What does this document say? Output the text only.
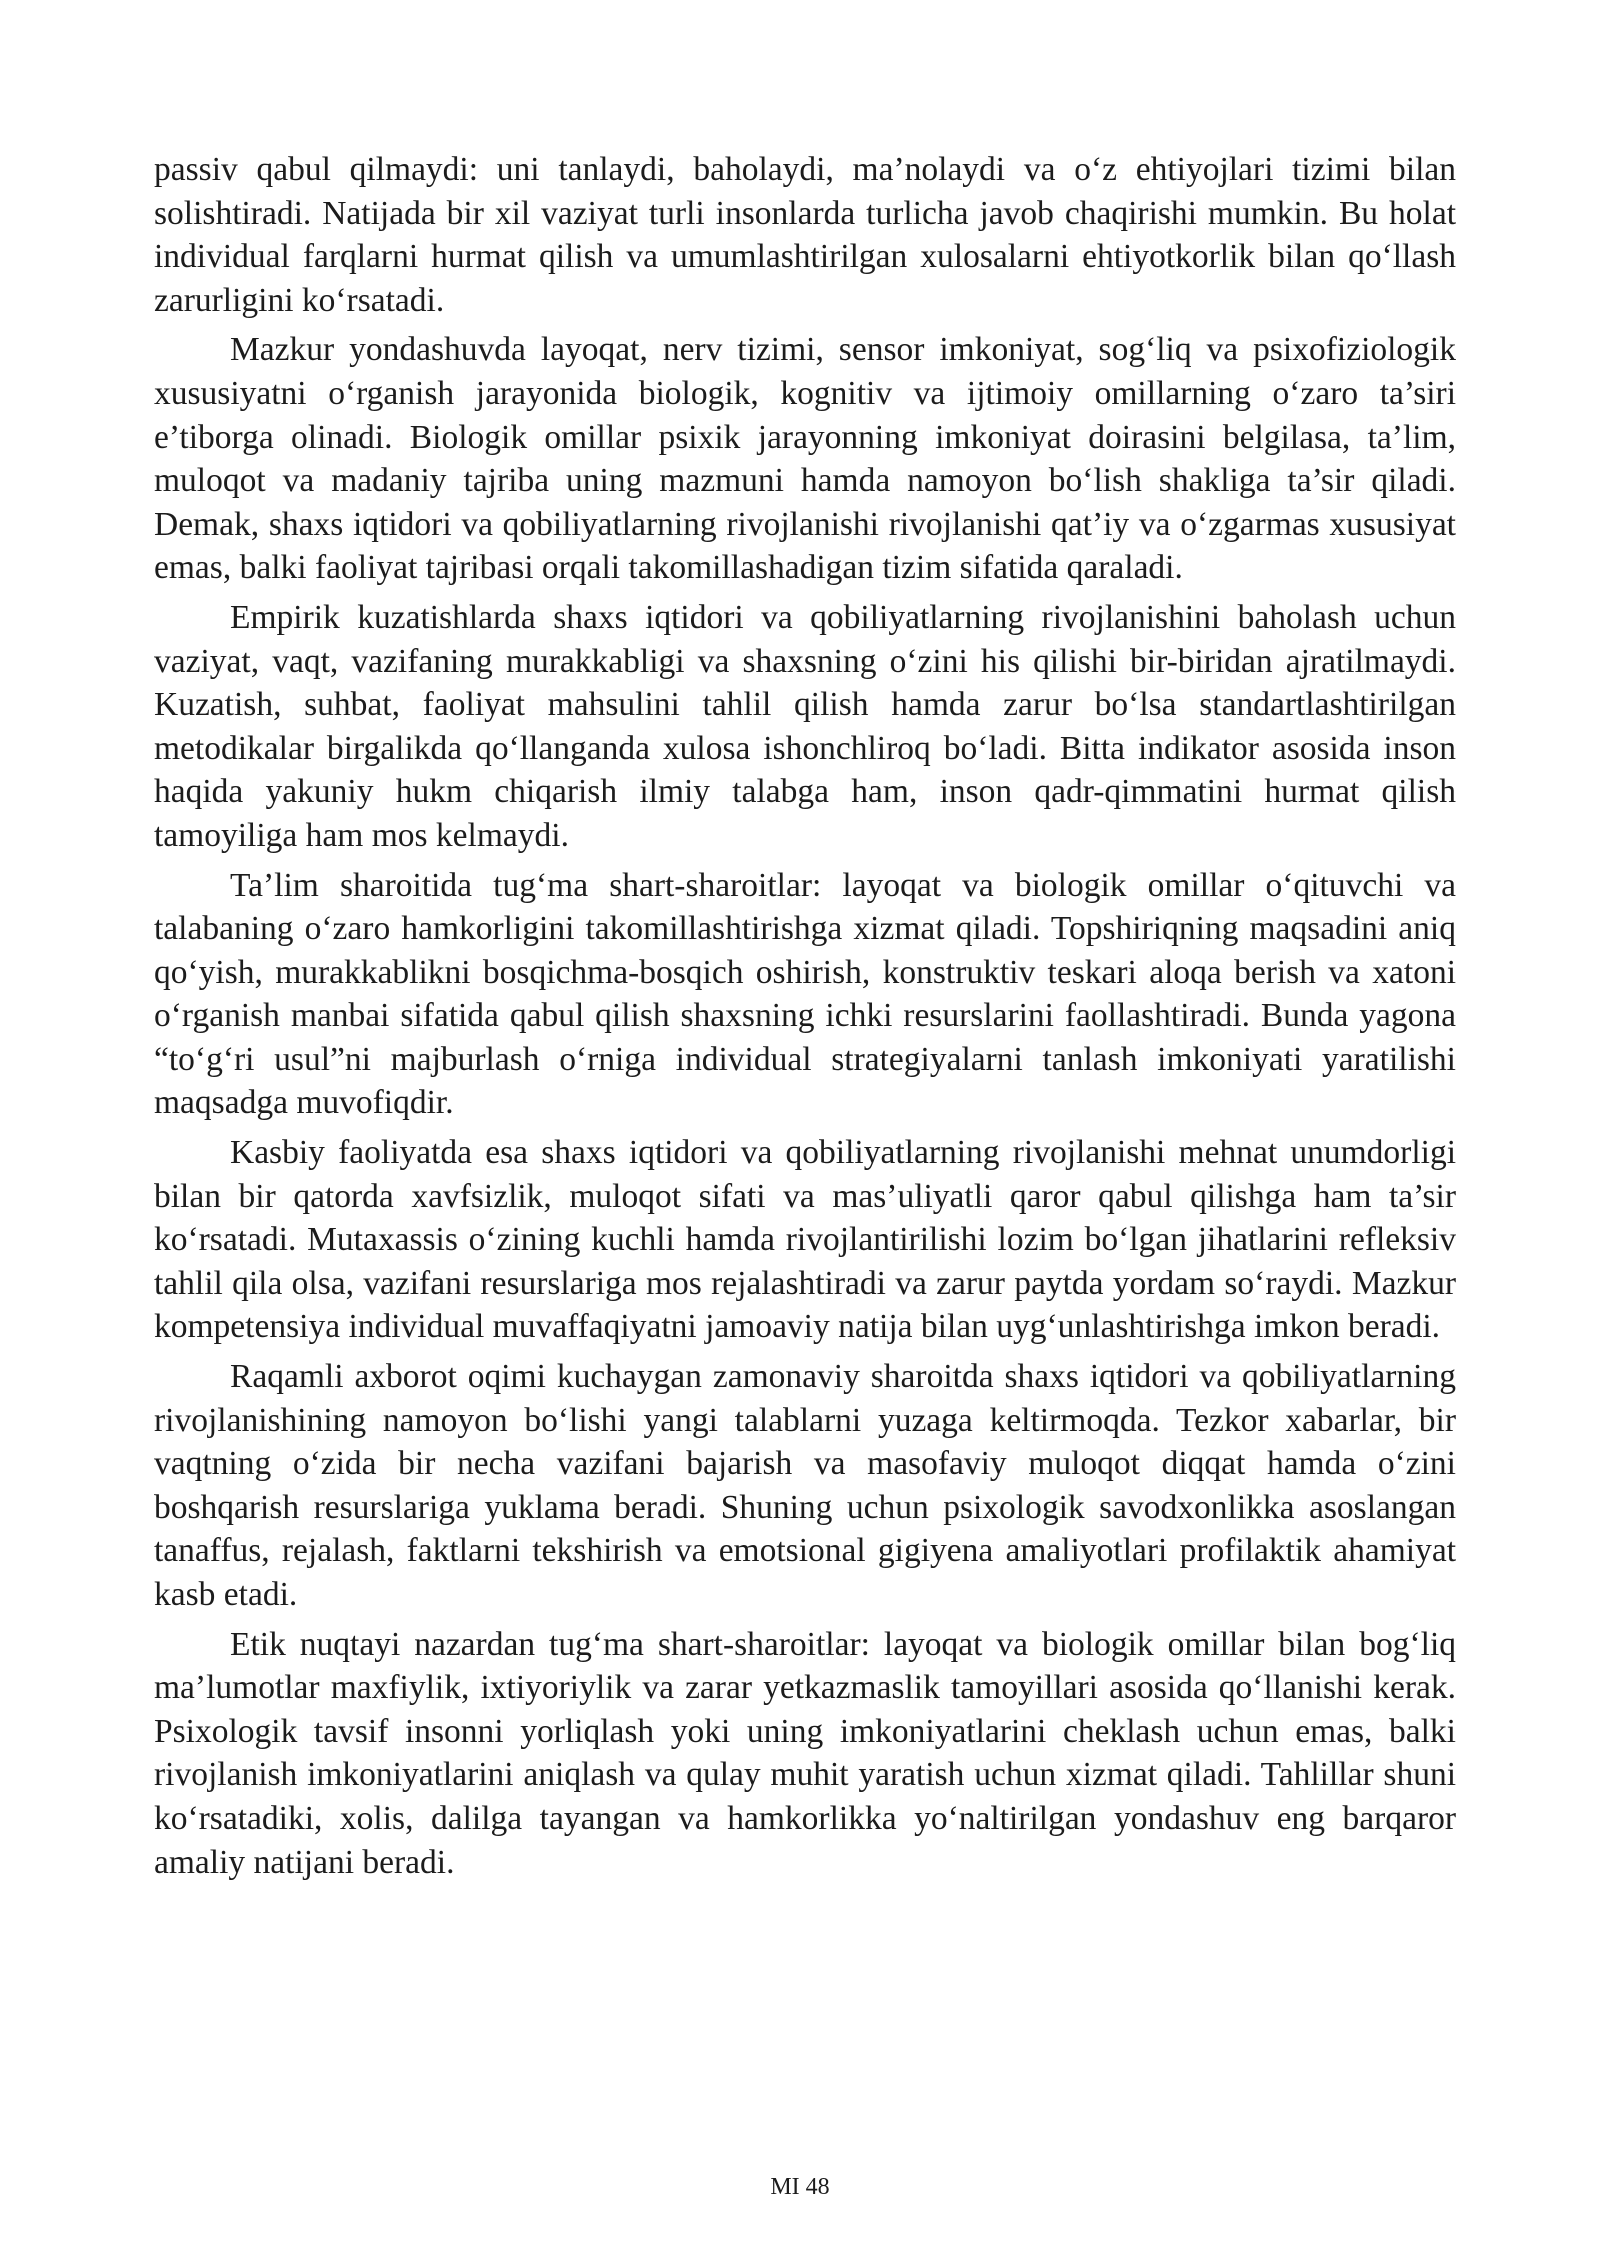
passiv qabul qilmaydi: uni tanlaydi, baholaydi, ma’nolaydi va o‘z ehtiyojlari tizimi bilan solishtiradi. Natijada bir xil vaziyat turli insonlarda turlicha javob chaqirishi mumkin. Bu holat individual farqlarni hurmat qilish va umumlashtirilgan xulosalarni ehtiyotkorlik bilan qo‘llash zarurligini ko‘rsatadi.

Mazkur yondashuvda layoqat, nerv tizimi, sensor imkoniyat, sog‘liq va psixofiziologik xususiyatni o‘rganish jarayonida biologik, kognitiv va ijtimoiy omillarning o‘zaro ta’siri e’tiborga olinadi. Biologik omillar psixik jarayonning imkoniyat doirasini belgilasa, ta’lim, muloqot va madaniy tajriba uning mazmuni hamda namoyon bo‘lish shakliga ta’sir qiladi. Demak, shaxs iqtidori va qobiliyatlarning rivojlanishi rivojlanishi qat’iy va o‘zgarmas xususiyat emas, balki faoliyat tajribasi orqali takomillashadigan tizim sifatida qaraladi.

Empirik kuzatishlarda shaxs iqtidori va qobiliyatlarning rivojlanishini baholash uchun vaziyat, vaqt, vazifaning murakkabligi va shaxsning o‘zini his qilishi bir-biridan ajratilmaydi. Kuzatish, suhbat, faoliyat mahsulini tahlil qilish hamda zarur bo‘lsa standartlashtirilgan metodikalar birgalikda qo‘llanganda xulosa ishonchliroq bo‘ladi. Bitta indikator asosida inson haqida yakuniy hukm chiqarish ilmiy talabga ham, inson qadr-qimmatini hurmat qilish tamoyiliga ham mos kelmaydi.

Ta’lim sharoitida tug‘ma shart-sharoitlar: layoqat va biologik omillar o‘qituvchi va talabaning o‘zaro hamkorligini takomillashtirishga xizmat qiladi. Topshiriqning maqsadini aniq qo‘yish, murakkablikni bosqichma-bosqich oshirish, konstruktiv teskari aloqa berish va xatoni o‘rganish manbai sifatida qabul qilish shaxsning ichki resurslarini faollashtiradi. Bunda yagona “to‘g‘ri usul”ni majburlash o‘rniga individual strategiyalarni tanlash imkoniyati yaratilishi maqsadga muvofiqdir.

Kasbiy faoliyatda esa shaxs iqtidori va qobiliyatlarning rivojlanishi mehnat unumdorligi bilan bir qatorda xavfsizlik, muloqot sifati va mas’uliyatli qaror qabul qilishga ham ta’sir ko‘rsatadi. Mutaxassis o‘zining kuchli hamda rivojlantirilishi lozim bo‘lgan jihatlarini refleksiv tahlil qila olsa, vazifani resurslariga mos rejalashtiradi va zarur paytda yordam so‘raydi. Mazkur kompetensiya individual muvaffaqiyatni jamoaviy natija bilan uyg‘unlashtirishga imkon beradi.

Raqamli axborot oqimi kuchaygan zamonaviy sharoitda shaxs iqtidori va qobiliyatlarning rivojlanishining namoyon bo‘lishi yangi talablarni yuzaga keltirmoqda. Tezkor xabarlar, bir vaqtning o‘zida bir necha vazifani bajarish va masofaviy muloqot diqqat hamda o‘zini boshqarish resurslariga yuklama beradi. Shuning uchun psixologik savodxonlikka asoslangan tanaffus, rejalash, faktlarni tekshirish va emotsional gigiyena amaliyotlari profilaktik ahamiyat kasb etadi.

Etik nuqtayi nazardan tug‘ma shart-sharoitlar: layoqat va biologik omillar bilan bog‘liq ma’lumotlar maxfiylik, ixtiyoriylik va zarar yetkazmaslik tamoyillari asosida qo‘llanishi kerak. Psixologik tavsif insonni yorliqlash yoki uning imkoniyatlarini cheklash uchun emas, balki rivojlanish imkoniyatlarini aniqlash va qulay muhit yaratish uchun xizmat qiladi. Tahlillar shuni ko‘rsatadiki, xolis, dalilga tayangan va hamkorlikka yo‘naltirilgan yondashuv eng barqaror amaliy natijani beradi.

MI 48
